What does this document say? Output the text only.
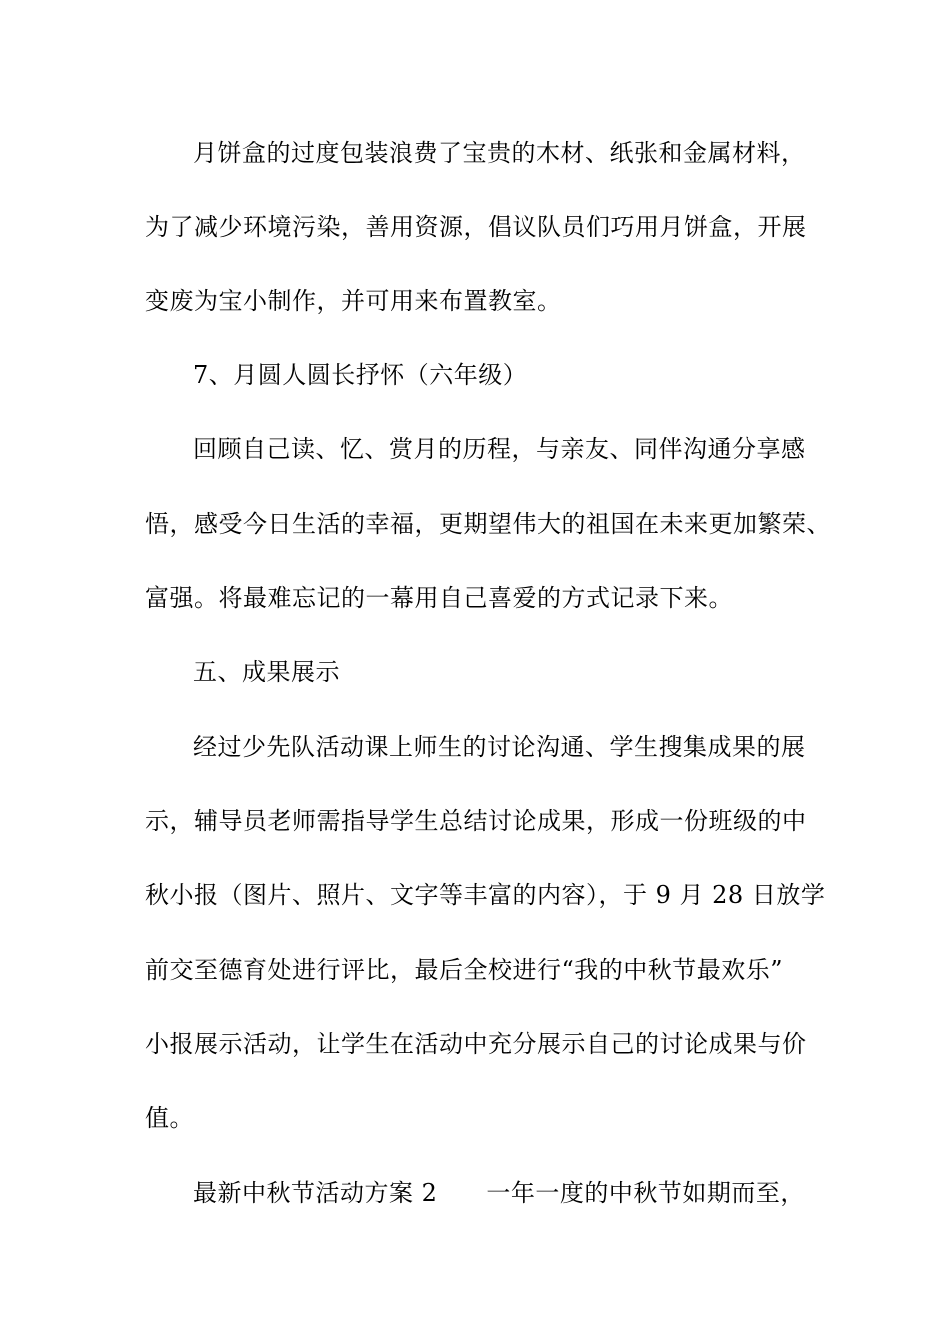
月饼盒的过度包装浪费了宝贵的木材、纸张和金属材料，
为了减少环境污染，善用资源，倡议队员们巧用月饼盒，开展
变废为宝小制作，并可用来布置教室。
7、月圆人圆长抒怀（六年级）
回顾自己读、忆、赏月的历程，与亲友、同伴沟通分享感
悟，感受今日生活的幸福，更期望伟大的祖国在未来更加繁荣、
富强。将最难忘记的一幕用自己喜爱的方式记录下来。
五、成果展示
经过少先队活动课上师生的讨论沟通、学生搜集成果的展
示，辅导员老师需指导学生总结讨论成果，形成一份班级的中
秋小报（图片、照片、文字等丰富的内容），于 9 月 28 日放学
前交至德育处进行评比，最后全校进行“我的中秋节最欢乐”
小报展示活动，让学生在活动中充分展示自己的讨论成果与价
值。
最新中秋节活动方案 2　　一年一度的中秋节如期而至，
